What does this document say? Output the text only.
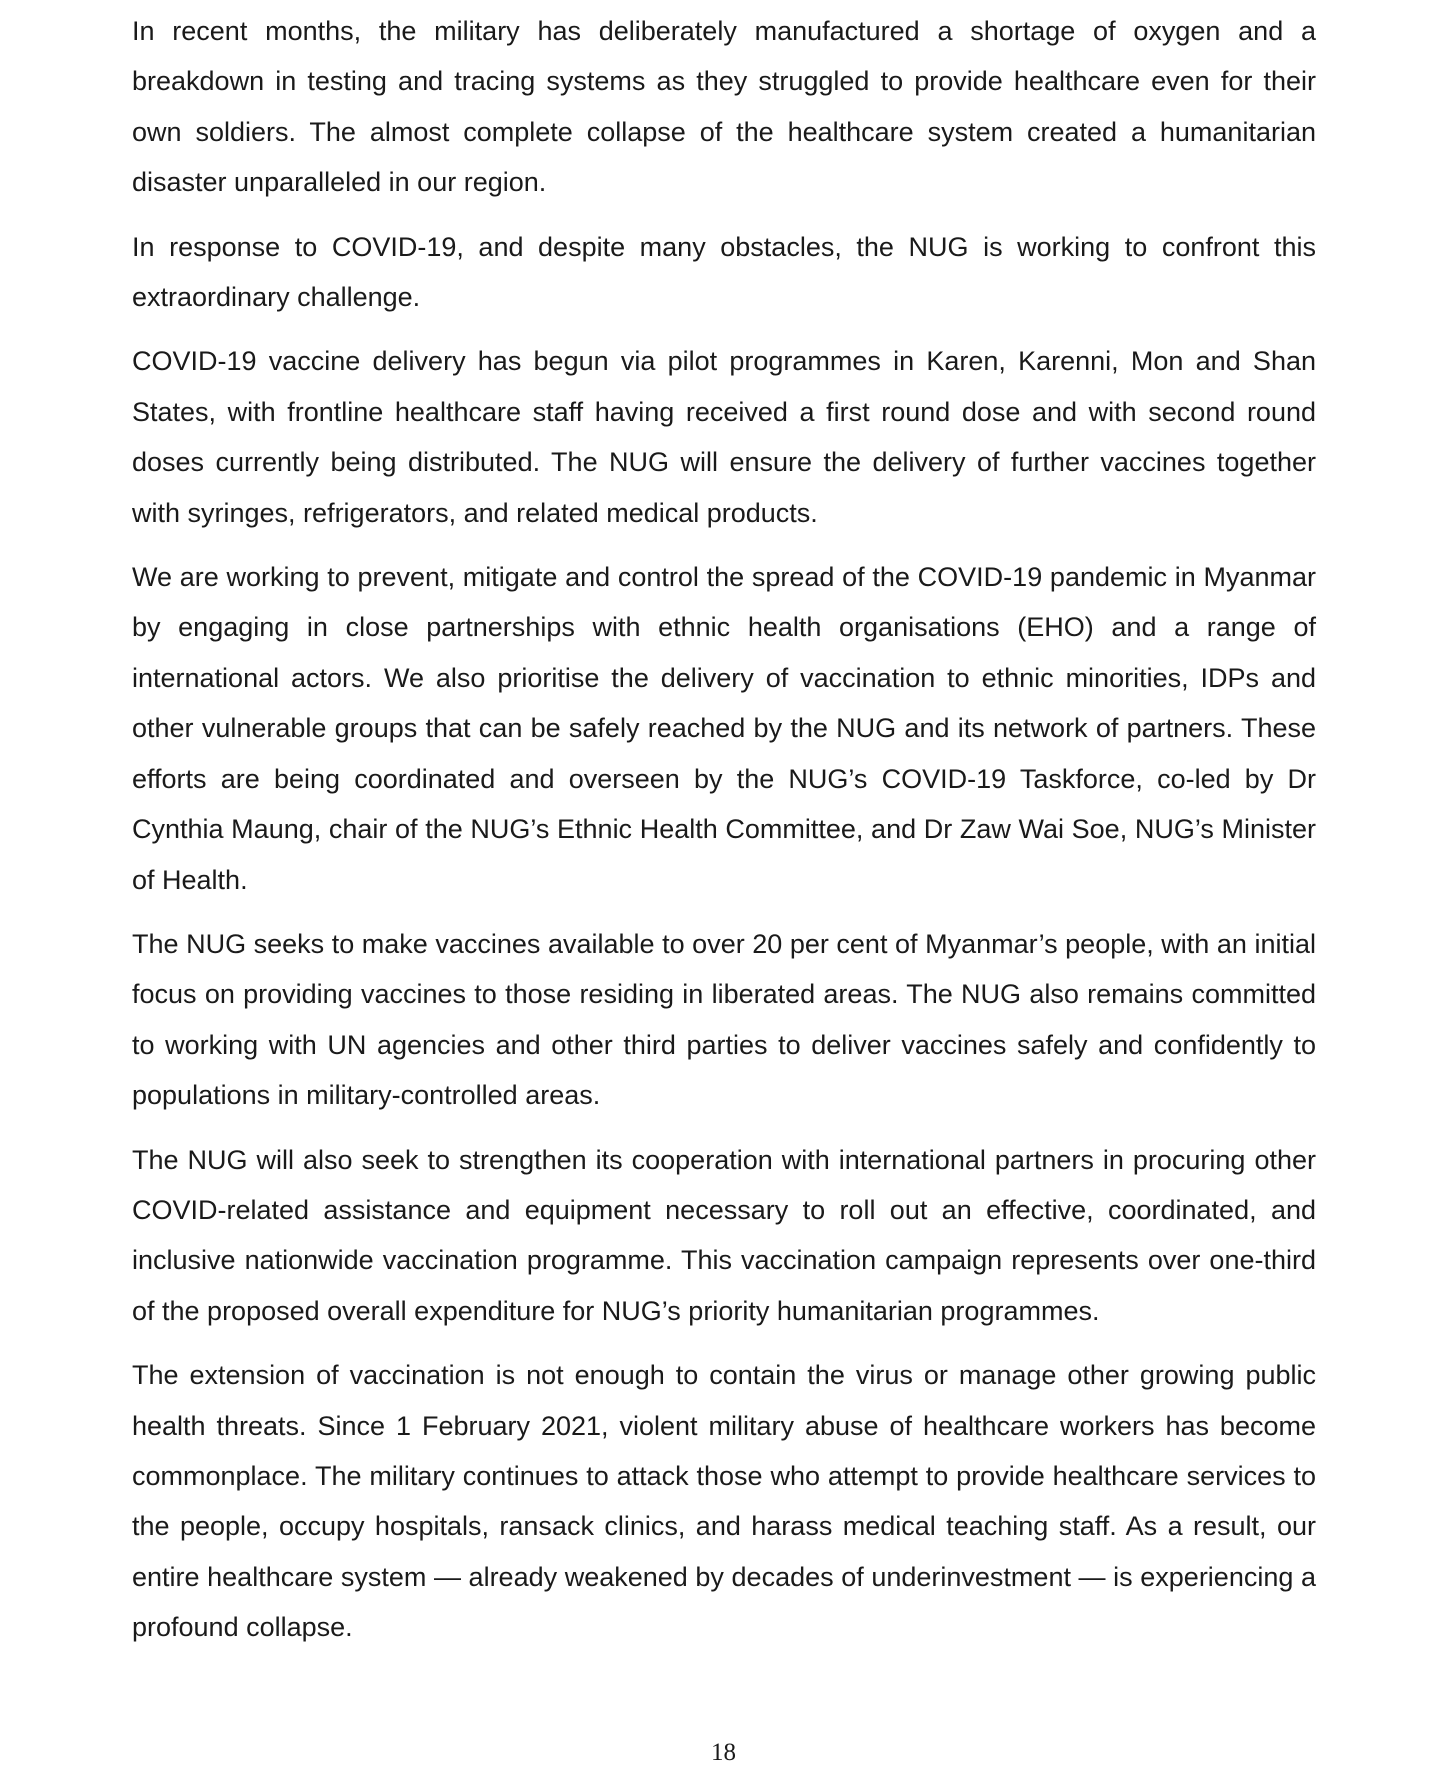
In recent months, the military has deliberately manufactured a shortage of oxygen and a breakdown in testing and tracing systems as they struggled to provide healthcare even for their own soldiers. The almost complete collapse of the healthcare system created a humanitarian disaster unparalleled in our region.

In response to COVID-19, and despite many obstacles, the NUG is working to confront this extraordinary challenge.

COVID-19 vaccine delivery has begun via pilot programmes in Karen, Karenni, Mon and Shan States, with frontline healthcare staff having received a first round dose and with second round doses currently being distributed. The NUG will ensure the delivery of further vaccines together with syringes, refrigerators, and related medical products.

We are working to prevent, mitigate and control the spread of the COVID-19 pandemic in Myanmar by engaging in close partnerships with ethnic health organisations (EHO) and a range of international actors. We also prioritise the delivery of vaccination to ethnic minorities, IDPs and other vulnerable groups that can be safely reached by the NUG and its network of partners. These efforts are being coordinated and overseen by the NUG’s COVID-19 Taskforce, co-led by Dr Cynthia Maung, chair of the NUG’s Ethnic Health Committee, and Dr Zaw Wai Soe, NUG’s Minister of Health.

The NUG seeks to make vaccines available to over 20 per cent of Myanmar’s people, with an initial focus on providing vaccines to those residing in liberated areas. The NUG also remains committed to working with UN agencies and other third parties to deliver vaccines safely and confidently to populations in military-controlled areas.

The NUG will also seek to strengthen its cooperation with international partners in procuring other COVID-related assistance and equipment necessary to roll out an effective, coordinated, and inclusive nationwide vaccination programme. This vaccination campaign represents over one-third of the proposed overall expenditure for NUG’s priority humanitarian programmes.

The extension of vaccination is not enough to contain the virus or manage other growing public health threats. Since 1 February 2021, violent military abuse of healthcare workers has become commonplace. The military continues to attack those who attempt to provide healthcare services to the people, occupy hospitals, ransack clinics, and harass medical teaching staff. As a result, our entire healthcare system — already weakened by decades of underinvestment — is experiencing a profound collapse.

18
